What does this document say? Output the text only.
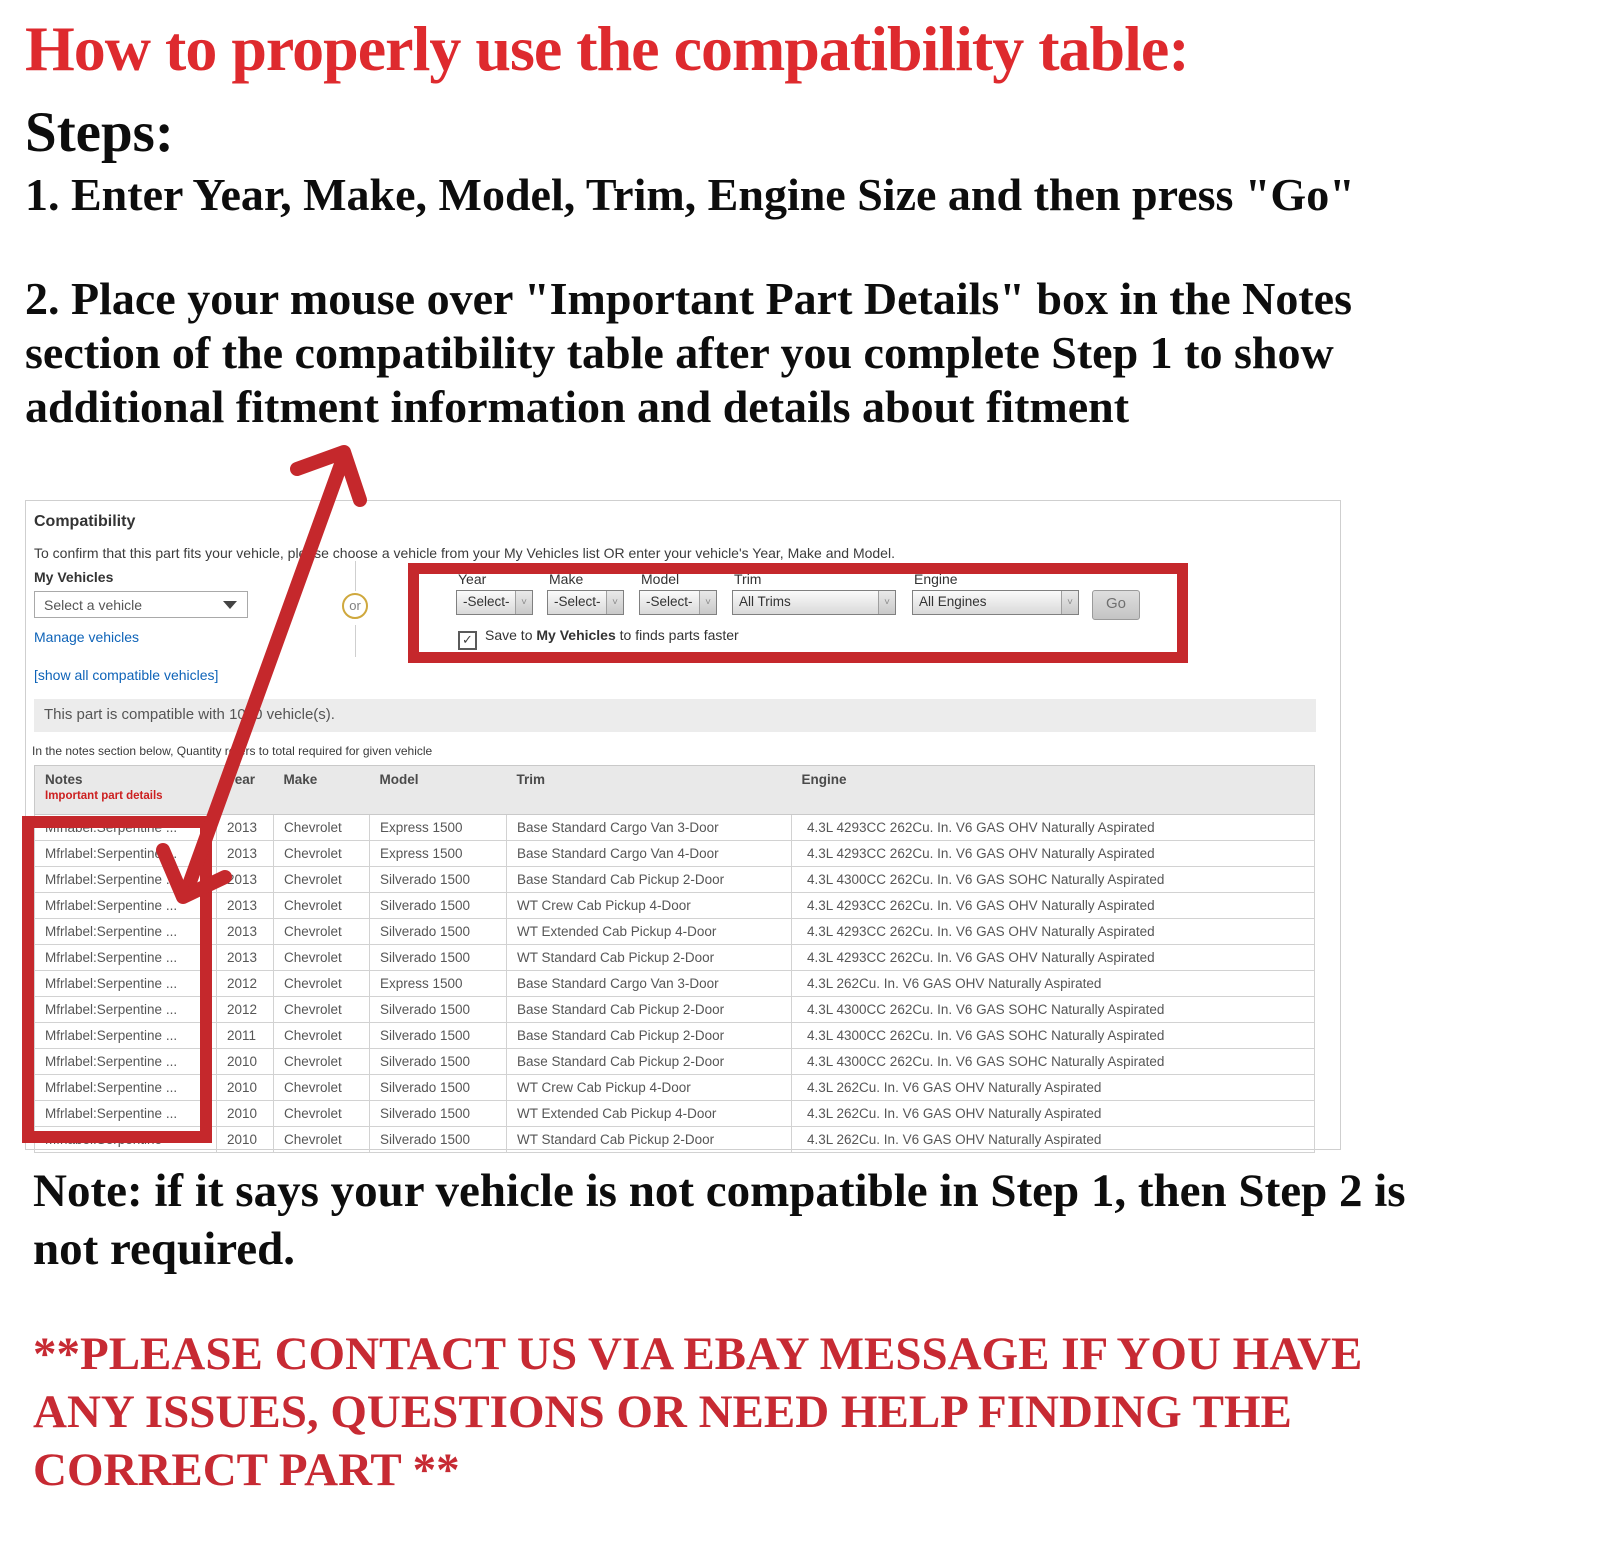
How to properly use the compatibility table:
Steps:
1. Enter Year, Make, Model, Trim, Engine Size and then press "Go"
2. Place your mouse over "Important Part Details" box in the Notes
section of the compatibility table after you complete Step 1 to show
additional fitment information and details about fitment
Compatibility
To confirm that this part fits your vehicle, please choose a vehicle from your My Vehicles list OR enter your vehicle's Year, Make and Model.
My Vehicles
Select a vehicle
Manage vehicles
[show all compatible vehicles]
or
Year
-Select-	˅
Make
-Select-	˅
Model
-Select-	˅
Trim
All Trims	˅
Engine
All Engines	˅	Go
✓ Save to My Vehicles to finds parts faster
This part is compatible with 1000 vehicle(s).
In the notes section below, Quantity refers to total required for given vehicle
Notes
Important part details	Year	Make	Model	Trim	Engine
Mfrlabel:Serpentine ...	2013	Chevrolet	Express 1500	Base Standard Cargo Van 3-Door	4.3L 4293CC 262Cu. In. V6 GAS OHV Naturally Aspirated
Mfrlabel:Serpentine ...	2013	Chevrolet	Express 1500	Base Standard Cargo Van 4-Door	4.3L 4293CC 262Cu. In. V6 GAS OHV Naturally Aspirated
Mfrlabel:Serpentine ...	2013	Chevrolet	Silverado 1500	Base Standard Cab Pickup 2-Door	4.3L 4300CC 262Cu. In. V6 GAS SOHC Naturally Aspirated
Mfrlabel:Serpentine ...	2013	Chevrolet	Silverado 1500	WT Crew Cab Pickup 4-Door	4.3L 4293CC 262Cu. In. V6 GAS OHV Naturally Aspirated
Mfrlabel:Serpentine ...	2013	Chevrolet	Silverado 1500	WT Extended Cab Pickup 4-Door	4.3L 4293CC 262Cu. In. V6 GAS OHV Naturally Aspirated
Mfrlabel:Serpentine ...	2013	Chevrolet	Silverado 1500	WT Standard Cab Pickup 2-Door	4.3L 4293CC 262Cu. In. V6 GAS OHV Naturally Aspirated
Mfrlabel:Serpentine ...	2012	Chevrolet	Express 1500	Base Standard Cargo Van 3-Door	4.3L 262Cu. In. V6 GAS OHV Naturally Aspirated
Mfrlabel:Serpentine ...	2012	Chevrolet	Silverado 1500	Base Standard Cab Pickup 2-Door	4.3L 4300CC 262Cu. In. V6 GAS SOHC Naturally Aspirated
Mfrlabel:Serpentine ...	2011	Chevrolet	Silverado 1500	Base Standard Cab Pickup 2-Door	4.3L 4300CC 262Cu. In. V6 GAS SOHC Naturally Aspirated
Mfrlabel:Serpentine ...	2010	Chevrolet	Silverado 1500	Base Standard Cab Pickup 2-Door	4.3L 4300CC 262Cu. In. V6 GAS SOHC Naturally Aspirated
Mfrlabel:Serpentine ...	2010	Chevrolet	Silverado 1500	WT Crew Cab Pickup 4-Door	4.3L 262Cu. In. V6 GAS OHV Naturally Aspirated
Mfrlabel:Serpentine ...	2010	Chevrolet	Silverado 1500	WT Extended Cab Pickup 4-Door	4.3L 262Cu. In. V6 GAS OHV Naturally Aspirated
Mfrlabel:Serpentine	2010	Chevrolet	Silverado 1500	WT Standard Cab Pickup 2-Door	4.3L 262Cu. In. V6 GAS OHV Naturally Aspirated
Note: if it says your vehicle is not compatible in Step 1, then Step 2 is
not required.
**PLEASE CONTACT US VIA EBAY MESSAGE IF YOU HAVE
ANY ISSUES, QUESTIONS OR NEED HELP FINDING THE
CORRECT PART **
